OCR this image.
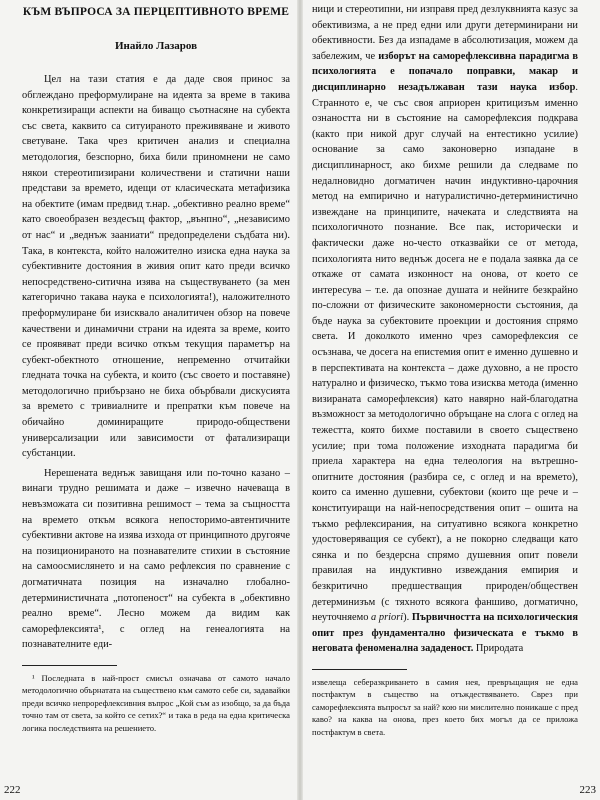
КЪМ ВЪПРОСА ЗА ПЕРЦЕПТИВНОТО ВРЕМЕ
Инайло Лазаров

Цел на тази статия е да даде своя принос за обглеждано преформулиране на идеята за време в такива конкретизиращи аспекти на биващо съотнасяне на субекта със света, каквито са ситуираното преживяване и живото светуване. Така чрез критичен анализ и специална методология, безспорно, биха били приномнени не само някои стереотипизирани количествени и статични наши представи за времето, идещи от класическата метафизика на обектите (имам предвид т.нар. „обективно реално време“ като своеобразен вездесъщ фактор, „вънпно“, „независимо от нас“ и „веднъж зааниати“ предопределени съдбата ни). Така, в контекста, който наложително изиска една наука за субективните достояния в живия опит като преди всичко непосредствено-ситична изява на съществуването (за мен категорично такава наука е психологията!), наложителното преформулиране би изисквало аналитичен обзор на повече качествени и динамични страни на идеята за време, които се проявяват преди всичко откъм текущия параметър на субект-обектното отношение, непременно отчитайки гледната точка на субекта, и които (със своето и поставяне) методологично прибързано не биха обърбвали дискусията за времето с тривиалните и препратки към повече на обичайно доминиращите природо-обществени универсализации или зависимости от фатализиращи субстанции.

Нерешената веднъж завищаня или по-точно казано – винаги трудно решимата и даже – извечно начеваща в невъзможата си позитивна решимост – тема за същността на времето откъм всякога непосторимо-автентичните субективни актове на изява изхода от принципното другояче на позиционираното на познавателите стихии в състояние на самоосмислянето и на само рефлексия по сравнение с догматичната позиция на изначално глобално-детерминистичната „потопеност“ на субекта в „обективно реално време“. Лесно можем да видим как саморефлексията¹, с оглед на генеалогията на познавателните еди-

¹ Последната в най-прост смисъл означава от самото начало методологично обърнатата на съществено към самото себе си, задавайки преди всичко непрорефлексивния въпрос „Кой съм аз изобщо, за да бъда точно там от света, за който се сетих?“ и така в реда на една критическа логика последствията на решението.

222

ници и стереотипни, ни изправя пред дезлуквнията казус за обективизма, а не пред едни или други детерминирани ни обективности. Без да изпадаме в абсолютизация, можем да забележим, че изборът на саморефлексивна парадигма в психологията е попачало поправки, макар и дисциплинарно незадължаван тази наука избор. Странното е, че със своя априорен критицизъм именно ознаността ни в състояние на саморефлексия подкрава (както при никой друг случай на ентестикно усилие) основание за само законоверно изпадане в дисциплинарност, ако бихме решили да следваме по недалновидно догматичен начин индуктивно-царочния метод на емпирично и натуралистично-детерминистично извеждане на принципите, начеката и следствията на психологичното познание. Все пак, исторически и фактически даже но-често отказвайки се от метода, психологията нито веднъж досега не е подала заявка да се откаже от самата изконност на онова, от което се интересува – т.е. да опознае душата и нейните безкрайно по-сложни от физическите закономерности състояния, да бъде наука за субектовите проекции и достояния спрямо света. И доколкото именно чрез саморефлексия се осъзнава, че досега на епистемия опит е именно душевно и в перспективата на контекста – даже духовно, а не просто натурално и физическо, тъкмо това изисква метода (именно визираната саморефлексия) като навярно най-благодатна възможност за методологично обръщане на слога с оглед на тежестта, която бихме поставили в своето съществено усилие; при тома положение изходната парадигма би приела характера на една телеология на вътрешно-опитните достояния (разбира се, с оглед и на времето), които са именно душевни, субектови (които ще рече и – конституиращи на най-непосредствения опит – ошита на тъкмо рефлексирания, на ситуативно всякога конкретно удостоверяващия се субект), а не покорно следващи като сянка и по бездерсна спрямо душевния опит повели правилая на индуктивно извеждания емпирия и безкритично предшестващия природен/обществен детерминизъм (с тяхното всякога фаншиво, догматично, неуточняемо a priori). Първичността на психологическия опит през фундаментално физическата е тъкмо в неговата феноменална зададеност. Природата

извелеща себеразкриването в самия нея, превръщащия не една постфактум в същество на отъждествяването. Сврез при саморефлексията въпросът за най? кою ни мислително поникаше с пред каво? на каква на онова, през което бих могъл да се приложа постфактум в света.

223
